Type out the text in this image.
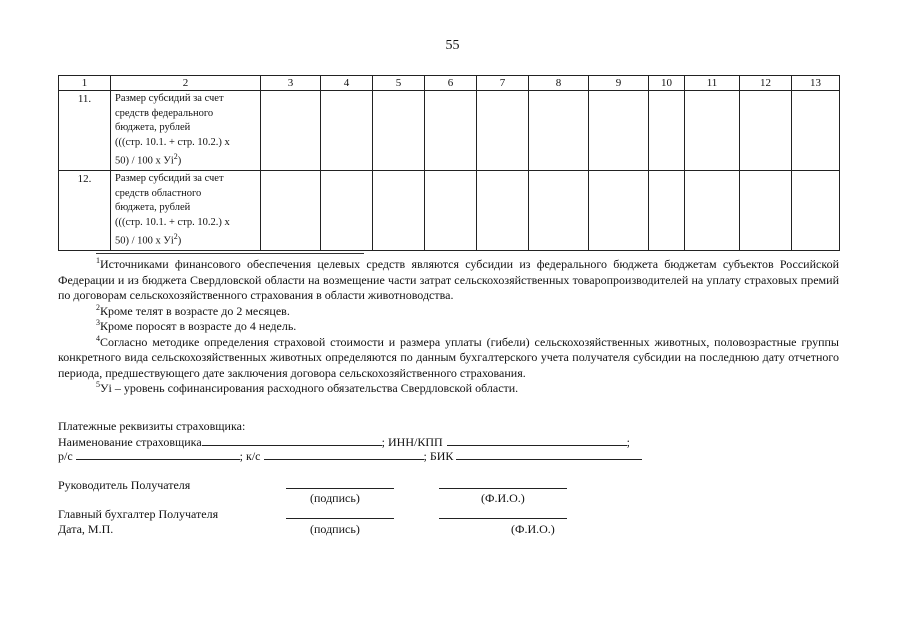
55
1	2	3	4	5	6	7	8	9	10	11	12	13
11.	Размер субсидий за счет
средств федерального
бюджета, рублей
(((стр. 10.1. + стр. 10.2.) х
50) / 100 х $Уi^2$)											

12.	Размер субсидий за счет
средств областного
бюджета, рублей
(((стр. 10.1. + стр. 10.2.) х
50) / 100 х $Уi^2$)											

$^1$Источниками финансового обеспечения целевых средств являются субсидии из федерального бюджета бюджетам субъектов Российской Федерации и из бюджета Свердловской области на возмещение части затрат сельскохозяйственных товаропроизводителей на уплату страховых премий по договорам сельскохозяйственного страхования в области животноводства.

$^2$Кроме телят в возрасте до 2 месяцев.

$^3$Кроме поросят в возрасте до 4 недель.

$^4$Согласно методике определения страховой стоимости и размера уплаты (гибели) сельскохозяйственных животных, половозрастные группы конкретного вида сельскохозяйственных животных определяются по данным бухгалтерского учета получателя субсидии на последнюю дату отчетного периода, предшествующего дате заключения договора сельскохозяйственного страхования.

$^5$Уi – уровень софинансирования расходного обязательства Свердловской области.

Платежные реквизиты страховщика:
Наименование страховщика	; ИНН/КПП	;
р/с	; к/с	; БИК
Руководитель Получателя
(подпись)	(Ф.И.О.)
Главный бухгалтер Получателя
Дата, М.П.	(подпись)	(Ф.И.О.)
